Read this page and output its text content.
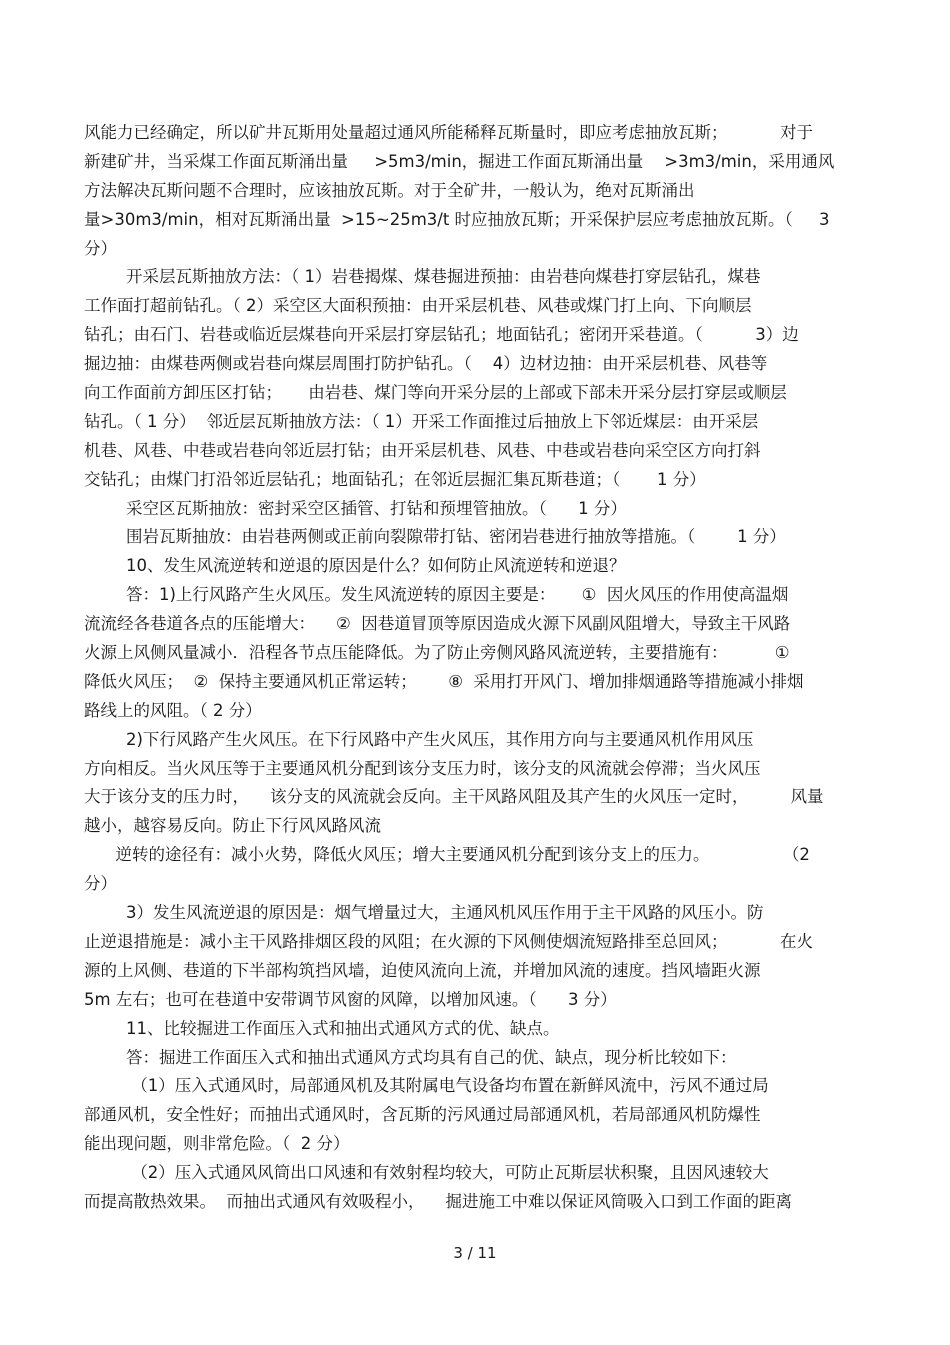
风能力已经确定，所以矿井瓦斯用处量超过通风所能稀释瓦斯量时，即应考虑抽放瓦斯；          对于
新建矿井，当采煤工作面瓦斯涌出量     >5m3/min，掘进工作面瓦斯涌出量    >3m3/min，采用通风
方法解决瓦斯问题不合理时，应该抽放瓦斯。对于全矿井，一般认为，绝对瓦斯涌出
量>30m3/min，相对瓦斯涌出量  >15~25m3/t 时应抽放瓦斯；开采保护层应考虑抽放瓦斯。（     3
分）
开采层瓦斯抽放方法：（ 1）岩巷揭煤、煤巷掘进预抽：由岩巷向煤巷打穿层钻孔，煤巷
工作面打超前钻孔。（ 2）采空区大面积预抽：由开采层机巷、风巷或煤门打上向、下向顺层
钻孔；由石门、岩巷或临近层煤巷向开采层打穿层钻孔；地面钻孔；密闭开采巷道。（          3）边
掘边抽：由煤巷两侧或岩巷向煤层周围打防护钻孔。（    4）边材边抽：由开采层机巷、风巷等
向工作面前方卸压区打钻；     由岩巷、煤门等向开采分层的上部或下部未开采分层打穿层或顺层
钻孔。（ 1 分）  邻近层瓦斯抽放方法：（ 1）开采工作面推过后抽放上下邻近煤层：由开采层
机巷、风巷、中巷或岩巷向邻近层打钻；由开采层机巷、风巷、中巷或岩巷向采空区方向打斜
交钻孔；由煤门打沿邻近层钻孔；地面钻孔；在邻近层掘汇集瓦斯巷道；（       1 分）
采空区瓦斯抽放：密封采空区插管、打钻和预埋管抽放。（      1 分）
围岩瓦斯抽放：由岩巷两侧或正前向裂隙带打钻、密闭岩巷进行抽放等措施。（        1 分）
10、发生风流逆转和逆退的原因是什么？如何防止风流逆转和逆退？
答：1)上行风路产生火风压。发生风流逆转的原因主要是：     ①  因火风压的作用使高温烟
流流经各巷道各点的压能增大：    ②  因巷道冒顶等原因造成火源下风副风阻增大，导致主干风路
火源上风侧风量减小．沿程各节点压能降低。为了防止旁侧风路风流逆转，主要措施有：         ①
降低火风压；  ②  保持主要通风机正常运转；      ⑧  采用打开风门、增加排烟通路等措施减小排烟
路线上的风阻。（ 2 分）
2)下行风路产生火风压。在下行风路中产生火风压，其作用方向与主要通风机作用风压
方向相反。当火风压等于主要通风机分配到该分支压力时，该分支的风流就会停滞；当火风压
大于该分支的压力时，    该分支的风流就会反向。主干风路风阻及其产生的火风压一定时，        风量
越小，越容易反向。防止下行风风路风流
逆转的途径有：减小火势，降低火风压；增大主要通风机分配到该分支上的压力。              （2
分）
3）发生风流逆退的原因是：烟气增量过大，主通风机风压作用于主干风路的风压小。防
止逆退措施是：减小主干风路排烟区段的风阻；在火源的下风侧使烟流短路排至总回风；          在火
源的上风侧、巷道的下半部构筑挡风墙，迫使风流向上流，并增加风流的速度。挡风墙距火源
5m 左右；也可在巷道中安带调节风窗的风障，以增加风速。（      3 分）
11、比较掘进工作面压入式和抽出式通风方式的优、缺点。
答：掘进工作面压入式和抽出式通风方式均具有自己的优、缺点，现分析比较如下：
（1）压入式通风时，局部通风机及其附属电气设备均布置在新鲜风流中，污风不通过局
部通风机，安全性好；而抽出式通风时，含瓦斯的污风通过局部通风机，若局部通风机防爆性
能出现问题，则非常危险。（  2 分）
（2）压入式通风风筒出口风速和有效射程均较大，可防止瓦斯层状积聚，且因风速较大
而提高散热效果。  而抽出式通风有效吸程小，    掘进施工中难以保证风筒吸入口到工作面的距离
3 / 11
